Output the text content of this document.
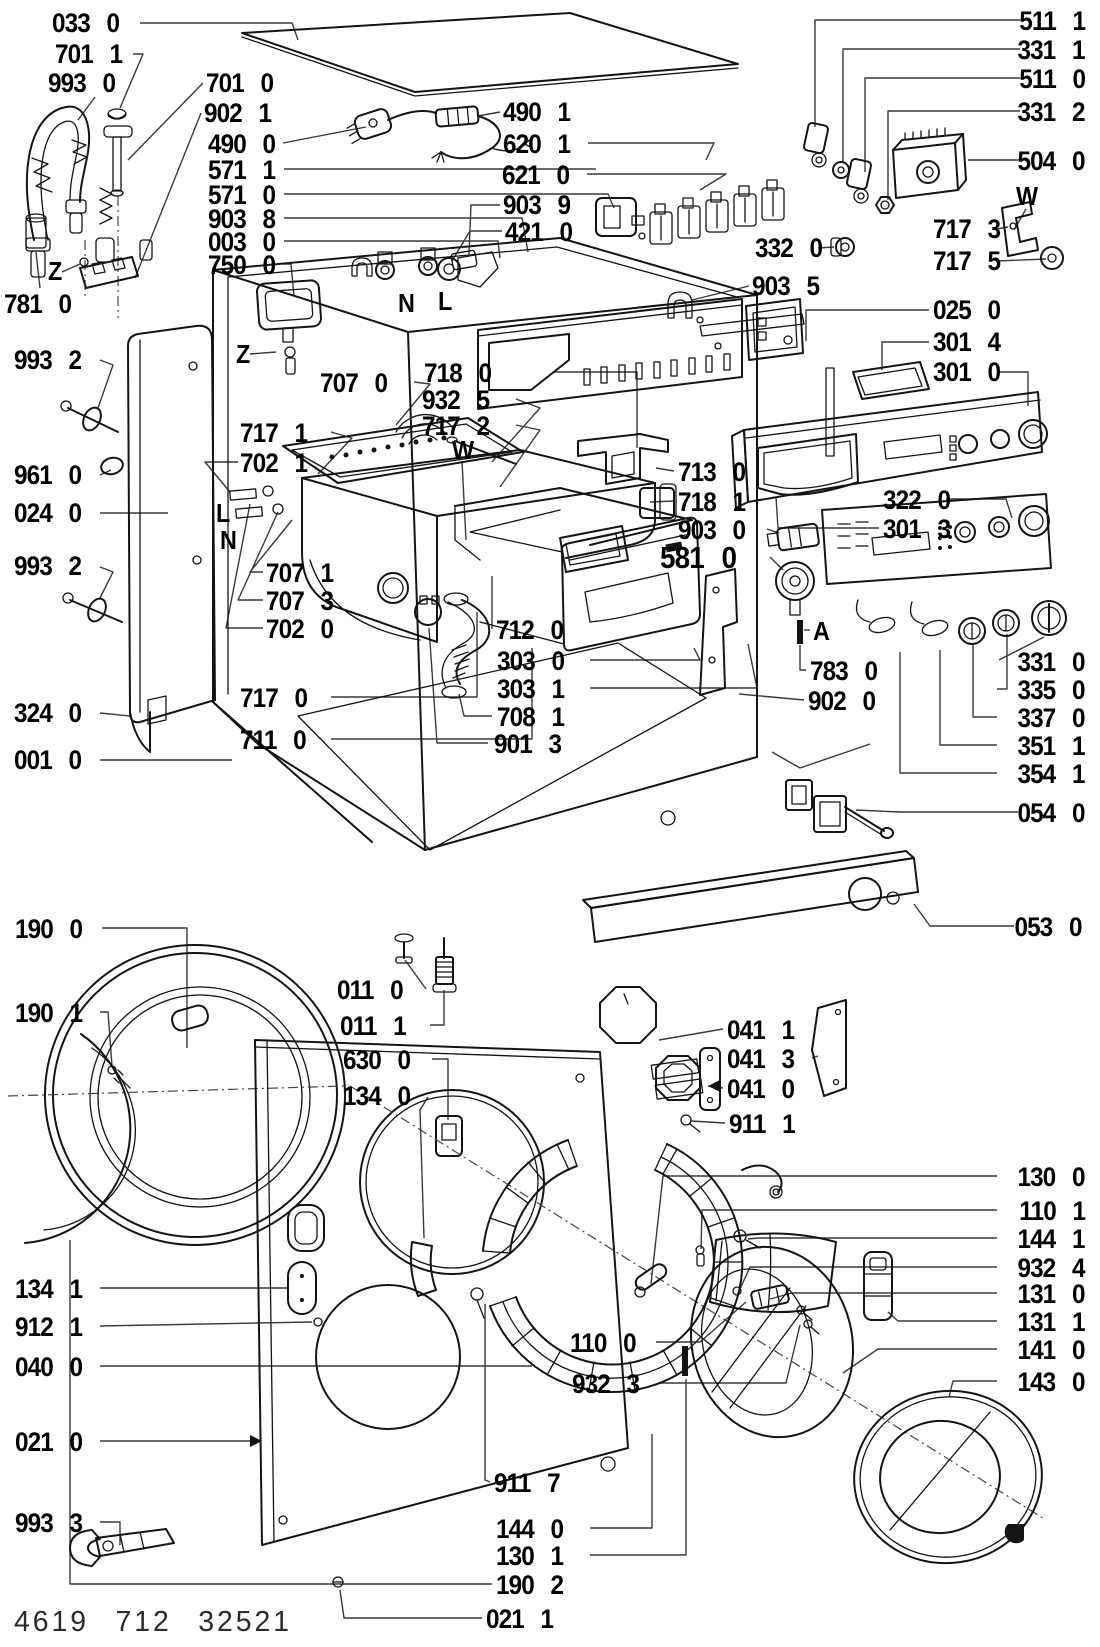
033 0
701 1
993 0	701 0
902 1
490 0
571 1
571 0
903 8
003 0
750 0
781 0
Z
490 1
620 1
621 0
903 9
421 0
511 1
331 1
511 0
331 2
504 0
W
717 3
717 5
332 0
903 5
025 0
301 4
301 0
322 0
301 3
993 2
961 0
024 0
993 2
324 0
001 0
Z
707 0
717 1
702 1
L
N
707 1
707 3
702 0
717 0
711 0
718 0
932 5
717 2
W
N L
713 0
718 1
903 0
581 0
712 0
303 0
303 1
708 1
901 3
A
783 0
902 0
331 0
335 0
337 0
351 1
354 1
054 0
053 0
190 0
190 1
011 0
011 1
630 0
134 0
041 1
041 3
041 0
911 1
130 0
110 1
144 1
932 4
131 0
131 1
141 0
143 0
134 1
912 1
040 0
021 0
993 3
110 0
932 3
911 7
144 0
130 1
190 2
021 1
4619 712 32521
